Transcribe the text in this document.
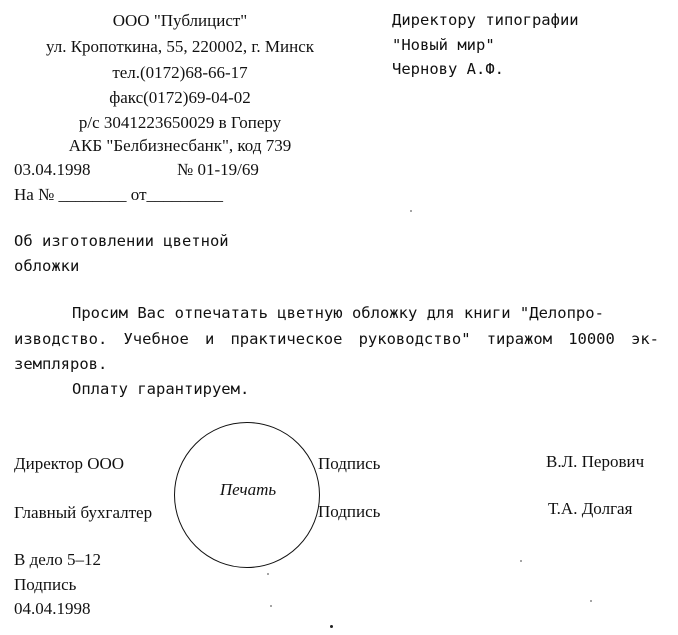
ООО "Публицист"
ул. Кропоткина, 55, 220002, г. Минск
тел.(0172)68-66-17
факс(0172)69-04-02
р/с 3041223650029 в Гоперу
АКБ "Белбизнесбанк", код 739
03.04.1998	№ 01-19/69
На № ________ от_________
Директору типографии
"Новый мир"
Чернову А.Ф.
Об изготовлении цветной
обложки
Просим Вас отпечатать цветную обложку для книги "Делопро-
изводство. Учебное и практическое руководство" тиражом 10000 эк-
земпляров.
Оплату гарантируем.
Печать
Директор ООО	Подпись	В.Л. Перович
Главный бухгалтер	Подпись	Т.А. Долгая
В дело 5–12
Подпись
04.04.1998
